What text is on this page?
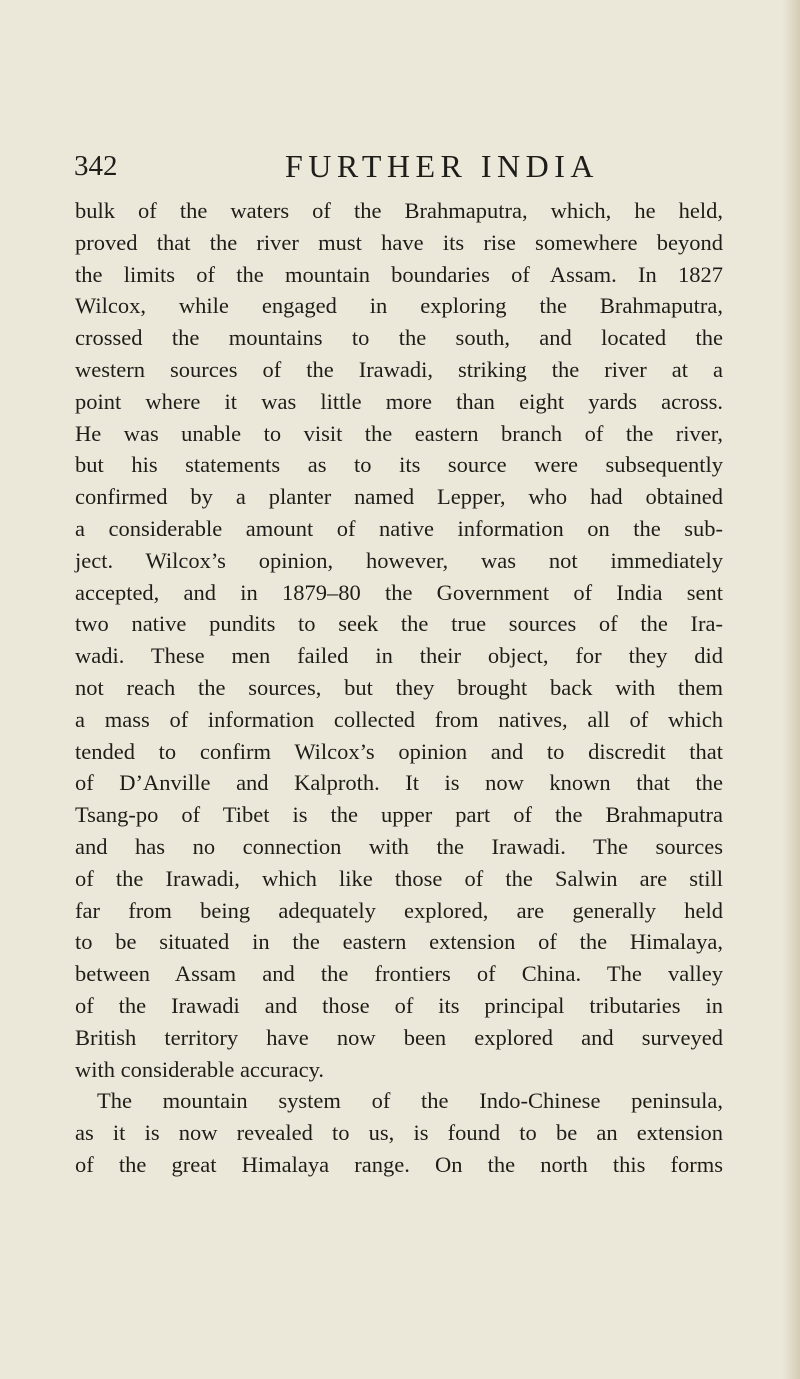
342	FURTHER INDIA
bulk of the waters of the Brahmaputra, which, he held,
proved that the river must have its rise somewhere beyond
the limits of the mountain boundaries of Assam. In 1827
Wilcox, while engaged in exploring the Brahmaputra,
crossed the mountains to the south, and located the
western sources of the Irawadi, striking the river at a
point where it was little more than eight yards across.
He was unable to visit the eastern branch of the river,
but his statements as to its source were subsequently
confirmed by a planter named Lepper, who had obtained
a considerable amount of native information on the sub-
ject. Wilcox’s opinion, however, was not immediately
accepted, and in 1879–80 the Government of India sent
two native pundits to seek the true sources of the Ira-
wadi. These men failed in their object, for they did
not reach the sources, but they brought back with them
a mass of information collected from natives, all of which
tended to confirm Wilcox’s opinion and to discredit that
of D’Anville and Kalproth. It is now known that the
Tsang-po of Tibet is the upper part of the Brahmaputra
and has no connection with the Irawadi. The sources
of the Irawadi, which like those of the Salwin are still
far from being adequately explored, are generally held
to be situated in the eastern extension of the Himalaya,
between Assam and the frontiers of China. The valley
of the Irawadi and those of its principal tributaries in
British territory have now been explored and surveyed
with considerable accuracy.
The mountain system of the Indo-Chinese peninsula,
as it is now revealed to us, is found to be an extension
of the great Himalaya range. On the north this forms
